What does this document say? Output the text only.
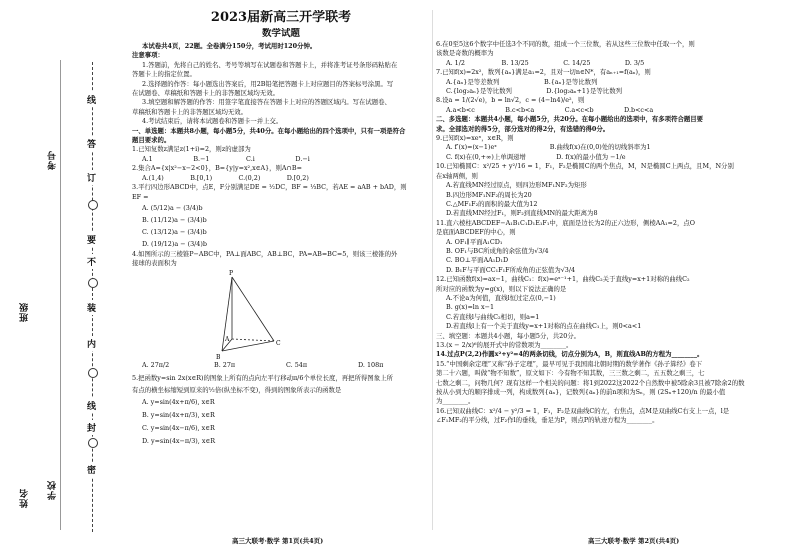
姓名
班级
考号
学校
线
答
订
要
不
装
内
线
封
密

2023届新高三开学联考

数学试题

本试卷共4页，22题。全卷满分150分，考试用时120分钟。

注意事项：

1.答题前，先将自己的姓名、考号等填写在试题卷和答题卡上，并将准考证号条形码粘贴在

答题卡上的指定位置。

2.选择题的作答：每小题选出答案后，用2B铅笔把答题卡上对应题目的答案标号涂黑。写

在试题卷、草稿纸和答题卡上的非答题区域均无效。

3.填空题和解答题的作答：用签字笔直接答在答题卡上对应的答题区域内。写在试题卷、

草稿纸和答题卡上的非答题区域均无效。

4.考试结束后，请将本试题卷和答题卡一并上交。

一、单选题：本题共8小题，每小题5分，共40分。在每小题给出的四个选项中，只有一项是符合

题目要求的。

1.已知复数z满足z(1+i)=2，则z的虚部为

A.1                    B.−1                  C.i                    D.−i

2.集合A={x|x²−x−2<0}，B={y|y=x²,x∈A}，则A∩B=

A.(1,4)             B.[0,1)             C.(0,2)             D.[0,2)

3.平行四边形ABCD中，点E，F分别满足DE = ½DC，BF = ⅓BC，若AE = aAB + bAD，则

EF =

A. (5/12)a − (3/4)b

B. (11/12)a − (3/4)b

C. (13/12)a − (3/4)b

D. (19/12)a − (3/4)b

4.如图所示的三棱锥P−ABC中，PA⊥面ABC，AB⊥BC，PA=AB=BC=5，则该三棱锥的外

接球的表面积为

P
A
B
C
A. 27π/2	B. 27π	C. 54π	D. 108π

5.把函数y=sin 2x(x∈R)的图象上所有的点向左平行移动π/6个单位长度，再把所得图象上所

有点的横坐标缩短到原来的½倍(纵坐标不变)，得到的图象所表示的函数是

A. y=sin(4x+π/6), x∈R

B. y=sin(4x+π/3), x∈R

C. y=sin(4x−π/6), x∈R

D. y=sin(4x−π/3), x∈R

6.在0至5这6个数字中任选3个不同的数，组成一个三位数，若从这些三位数中任取一个，则

该数是奇数的概率为

A. 1/2                  B. 13/25                 C. 14/25                 D. 3/5

7.已知f(x)=2x²，数列{aₙ}满足a₁=2，且对一切n∈N*，有aₙ₊₁=f(aₙ)，则

A.{aₙ}是等差数列                      B.{aₙ}是等比数列

C.{log₂aₙ}是等比数列                 D.{log₂aₙ+1}是等比数列

8.设a = 1/(2√e)，b = ln√2，c = (4−ln4)/e²，则

A.a<b<c               B.c<b<a               C.a<c<b               D.b<c<a

二、多选题：本题共4小题，每小题5分，共20分。在每小题给出的选项中，有多项符合题目要

求。全部选对的得5分，部分选对的得2分，有选错的得0分。

9.已知f(x)=xeˣ，x∈R，则

A. f′(x)=(x−1)eˣ                          B.曲线f(x)在(0,0)处的切线斜率为1

C. f(x)在(0,+∞)上单调递增               D. f(x)的最小值为 −1/e

10.已知椭圆C：x²/25 + y²/16 = 1，F₁，F₂是椭圆C的两个焦点，M，N是椭圆C上两点，且M，N分别

在x轴两侧，则

A.若直线MN经过原点，则四边形MF₁NF₂为矩形

B.四边形MF₁NF₂的周长为20

C.△MF₁F₂的面积的最大值为12

D.若直线MN经过F₁，则F₂到直线MN的最大距离为8

11.直六棱柱ABCDEF−A₁B₁C₁D₁E₁F₁中，底面是边长为2的正六边形，侧棱AA₁=2，点O

是底面ABCDEF的中心，则

A. OF₁∥平面A₁CD₁

B. OF₁与BC所成角的余弦值为√3/4

C. BO⊥平面AA₁D₁D

D. B₁F与平面CC₁F₁F所成角的正弦值为√3/4

12.已知函数f(x)=ax−1，曲线C₁：f(x)=eˣ⁻¹+1，曲线C₂关于直线y=x+1对称的曲线C₂

所对应的函数为y=g(x)，则以下说法正确的是

A.不论a为何值，直线l恒过定点(0,−1)

B. g(x)=ln x−1

C.若直线l与曲线C₂相切，则a=1

D.若直线l上有一个关于直线y=x+1对称的点在曲线C₁上，则0<a<1

三、填空题：本题共4小题，每小题5分，共20分。

13.(x − 2/x)⁶的展开式中的常数项为________。

14.过点P(2,2)作圆x²+y²=4的两条切线，切点分别为A，B，则直线AB的方程为________。

15.“中国剩余定理”又称“孙子定理”，最早可见于我国南北朝时期的数学著作《孙子算经》卷下

第二十六题，叫做“物不知数”，原文如下：今有物不知其数，三三数之剩二，五五数之剩三，七

七数之剩二，问物几何？现有这样一个相关的问题：将1到2022这2022个自然数中被5除余3且被7除余2的数

按从小到大的顺序排成一列，构成数列{aₙ}，记数列{aₙ}的前n项和为Sₙ，则 (2Sₙ+120)/n 的最小值

为________。

16.已知双曲线C：x²/4 − y²/3 = 1，F₁，F₂是双曲线C的左，右焦点，点M是双曲线C右支上一点，l是

∠F₁MF₂的平分线，过F₂作l的垂线，垂足为P，则点P的轨迹方程为________。

高三大联考·数学 第1页(共4页)	高三大联考·数学 第2页(共4页)
